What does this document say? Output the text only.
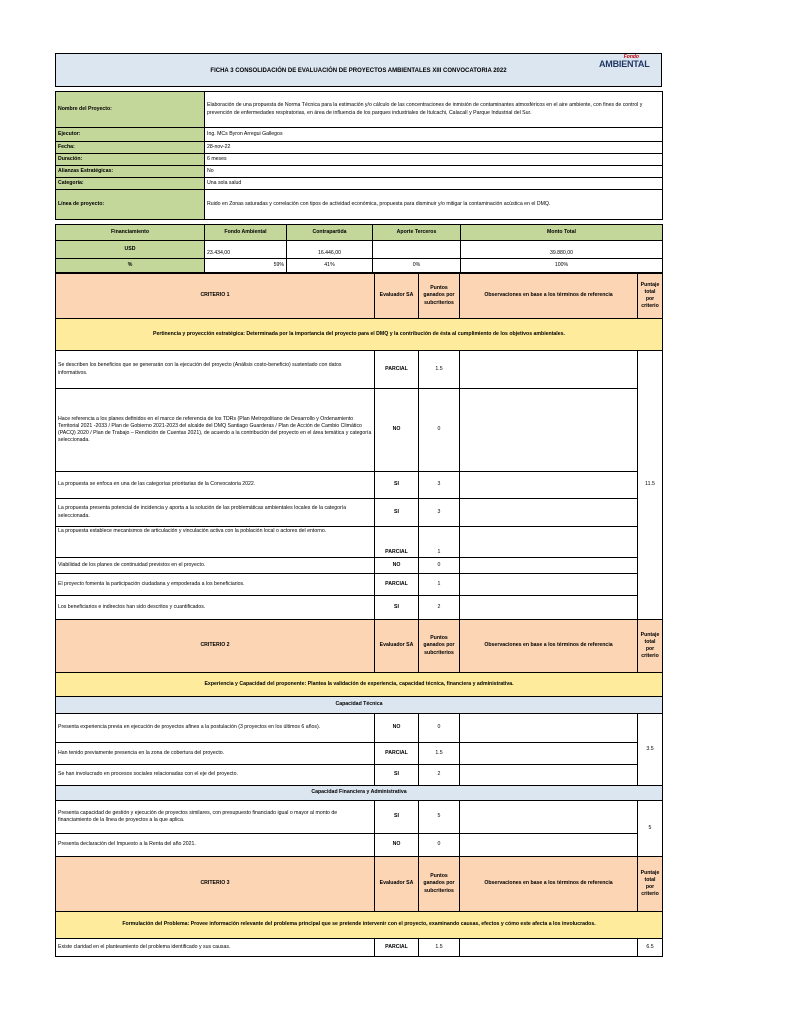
FICHA 3 CONSOLIDACIÓN DE EVALUACIÓN DE PROYECTOS AMBIENTALES XIII CONVOCATORIA 2022
Fondo
AMBIENTAL
Nombre del Proyecto:	Elaboración de una propuesta de Norma Técnica para la estimación y/o cálculo de las concentraciones de inmisión de contaminantes atmosféricos en el aire ambiente, con fines de control y prevención de enfermedades respiratorias, en área de influencia de los parques industriales de Itulcachi, Calacalí y Parque Industrial del Sur.
Ejecutor:	Ing. MCs Byron Arregui Gallegos
Fecha:	28-nov-22
Duración:	6 meses
Alianzas Estratégicas:	No
Categoría:	Una sola salud
Línea de proyecto:	Ruido en Zonas saturadas y correlación con tipos de actividad económica, propuesta para disminuir y/o mitigar la contaminación acústica en el DMQ.
Financiamiento	Fondo Ambiental	Contrapartida	Aporte Terceros	Monto Total
USD	23.434,00	16.446,00		39.880,00
%	59%	41%	0%	100%
CRITERIO 1	Evaluador SA	Puntos ganados por subcriterios	Observaciones en base a los términos de referencia	Puntaje total por criterio
Pertinencia y proyección estratégica: Determinada por la importancia del proyecto para el DMQ y la contribución de ésta al cumplimiento de los objetivos ambientales.				
Se describen los beneficios que se generarán con la ejecución del proyecto (Análisis costo-beneficio) sustentado con datos informativos.	PARCIAL	1.5		11.5
Hace referencia a los planes definidos en el marco de referencia de los TDRs (Plan Metropolitano de Desarrollo y Ordenamiento Territorial 2021 -2033 / Plan de Gobierno 2021-2023 del alcalde del DMQ Santiago Guarderas / Plan de Acción de Cambio Climático (PACQ) 2020 / Plan de Trabajo – Rendición de Cuentas 2021), de acuerdo a la contribución del proyecto en el área temática y categoría seleccionada.	NO	0		
La propuesta se enfoca en una de las categorías prioritarias de la Convocatoria 2022.	SI	3		
La propuesta presenta potencial de incidencia y aporta a la solución de las problemáticas ambientales locales de la categoría seleccionada.	SI	3		
La propuesta establece mecanismos de articulación y vinculación activa con la población local o actores del entorno.	PARCIAL	1		
Viabilidad de los planes de continuidad previstos en el proyecto.	NO	0		
El proyecto fomenta la participación ciudadana y empoderada a los beneficiarios.	PARCIAL	1		
Los beneficiarios e indirectos han sido descritos y cuantificados.	SI	2		
CRITERIO 2	Evaluador SA	Puntos ganados por subcriterios	Observaciones en base a los términos de referencia	Puntaje total por criterio
Experiencia y Capacidad del proponente: Plantea la validación de experiencia, capacidad técnica, financiera y administrativa.				
Capacidad Técnica				
Presenta experiencia previa en ejecución de proyectos afines a la postulación (3 proyectos en los últimos 6 años).	NO	0		3.5
Han tenido previamente presencia en la zona de cobertura del proyecto.	PARCIAL	1.5		
Se han involucrado en procesos sociales relacionadas con el eje del proyecto.	SI	2		
Capacidad Financiera y Administrativa				
Presenta capacidad de gestión y ejecución de proyectos similares, con presupuesto financiado igual o mayor al monto de financiamiento de la línea de proyectos a la que aplica.	SI	5		5
Presenta declaración del Impuesto a la Renta del año 2021.	NO	0		
CRITERIO 3	Evaluador SA	Puntos ganados por subcriterios	Observaciones en base a los términos de referencia	Puntaje total por criterio
Formulación del Problema: Provee información relevante del problema principal que se pretende intervenir con el proyecto, examinando causas, efectos y cómo este afecta a los involucrados.				
Existe claridad en el planteamiento del problema identificado y sus causas.	PARCIAL	1.5		6.5
